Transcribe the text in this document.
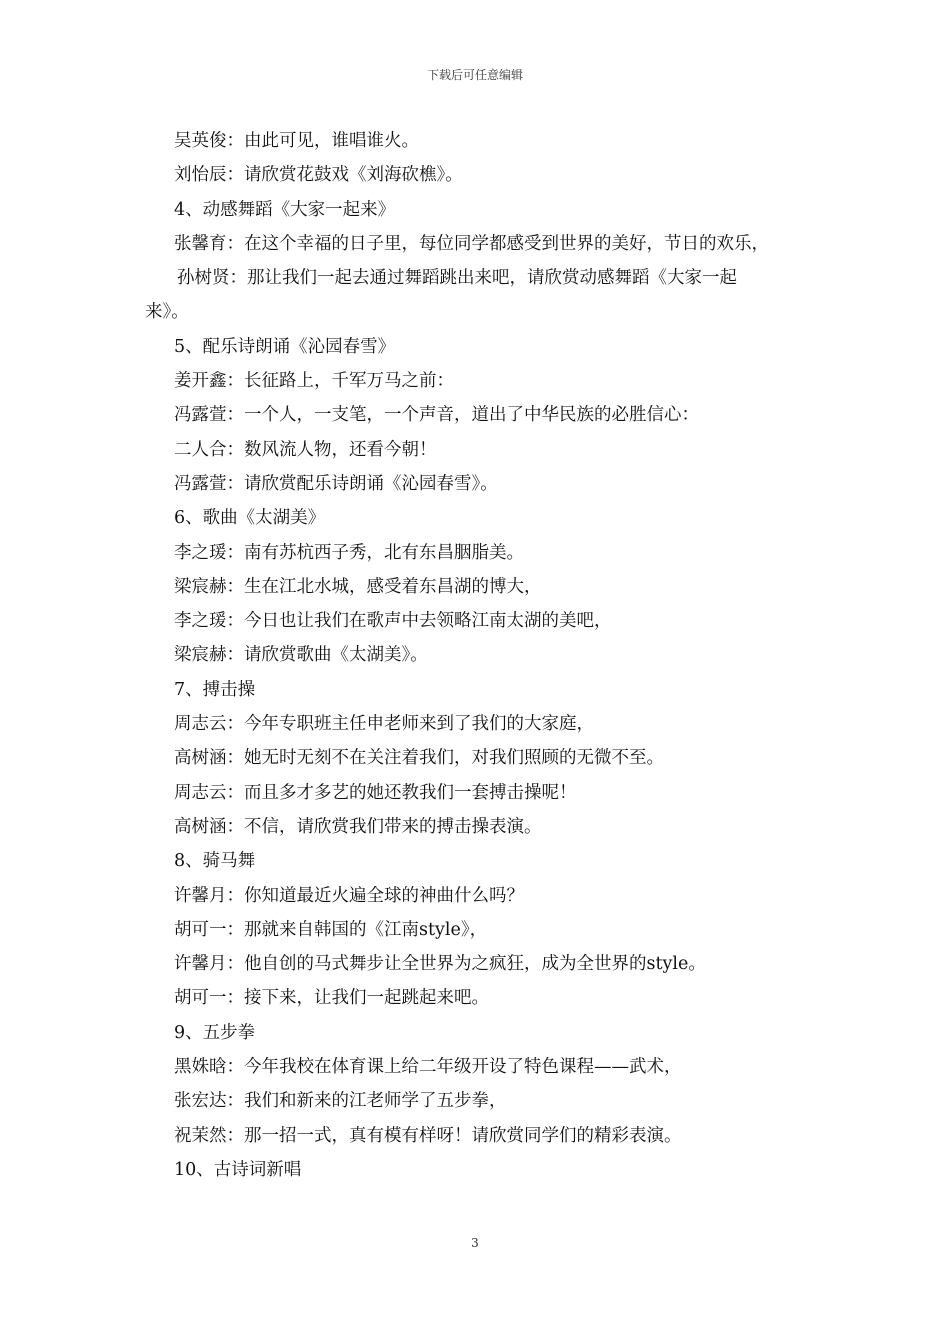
下载后可任意编辑
吴英俊：由此可见，谁唱谁火。
刘怡辰：请欣赏花鼓戏《刘海砍樵》。
4、动感舞蹈《大家一起来》
张馨育：在这个幸福的日子里，每位同学都感受到世界的美好，节日的欢乐，
孙树贤：那让我们一起去通过舞蹈跳出来吧，请欣赏动感舞蹈《大家一起
来》。
5、配乐诗朗诵《沁园春雪》
姜开鑫：长征路上，千军万马之前：
冯露萱：一个人，一支笔，一个声音，道出了中华民族的必胜信心：
二人合：数风流人物，还看今朝！
冯露萱：请欣赏配乐诗朗诵《沁园春雪》。
6、歌曲《太湖美》
李之瑗：南有苏杭西子秀，北有东昌胭脂美。
梁宸赫：生在江北水城，感受着东昌湖的博大，
李之瑗：今日也让我们在歌声中去领略江南太湖的美吧，
梁宸赫：请欣赏歌曲《太湖美》。
7、搏击操
周志云：今年专职班主任申老师来到了我们的大家庭，
高树涵：她无时无刻不在关注着我们，对我们照顾的无微不至。
周志云：而且多才多艺的她还教我们一套搏击操呢！
高树涵：不信，请欣赏我们带来的搏击操表演。
8、骑马舞
许馨月：你知道最近火遍全球的神曲什么吗？
胡可一：那就来自韩国的《江南style》，
许馨月：他自创的马式舞步让全世界为之疯狂，成为全世界的style。
胡可一：接下来，让我们一起跳起来吧。
9、五步拳
黑姝晗：今年我校在体育课上给二年级开设了特色课程——武术，
张宏达：我们和新来的江老师学了五步拳，
祝茉然：那一招一式，真有模有样呀！请欣赏同学们的精彩表演。
10、古诗词新唱
3
